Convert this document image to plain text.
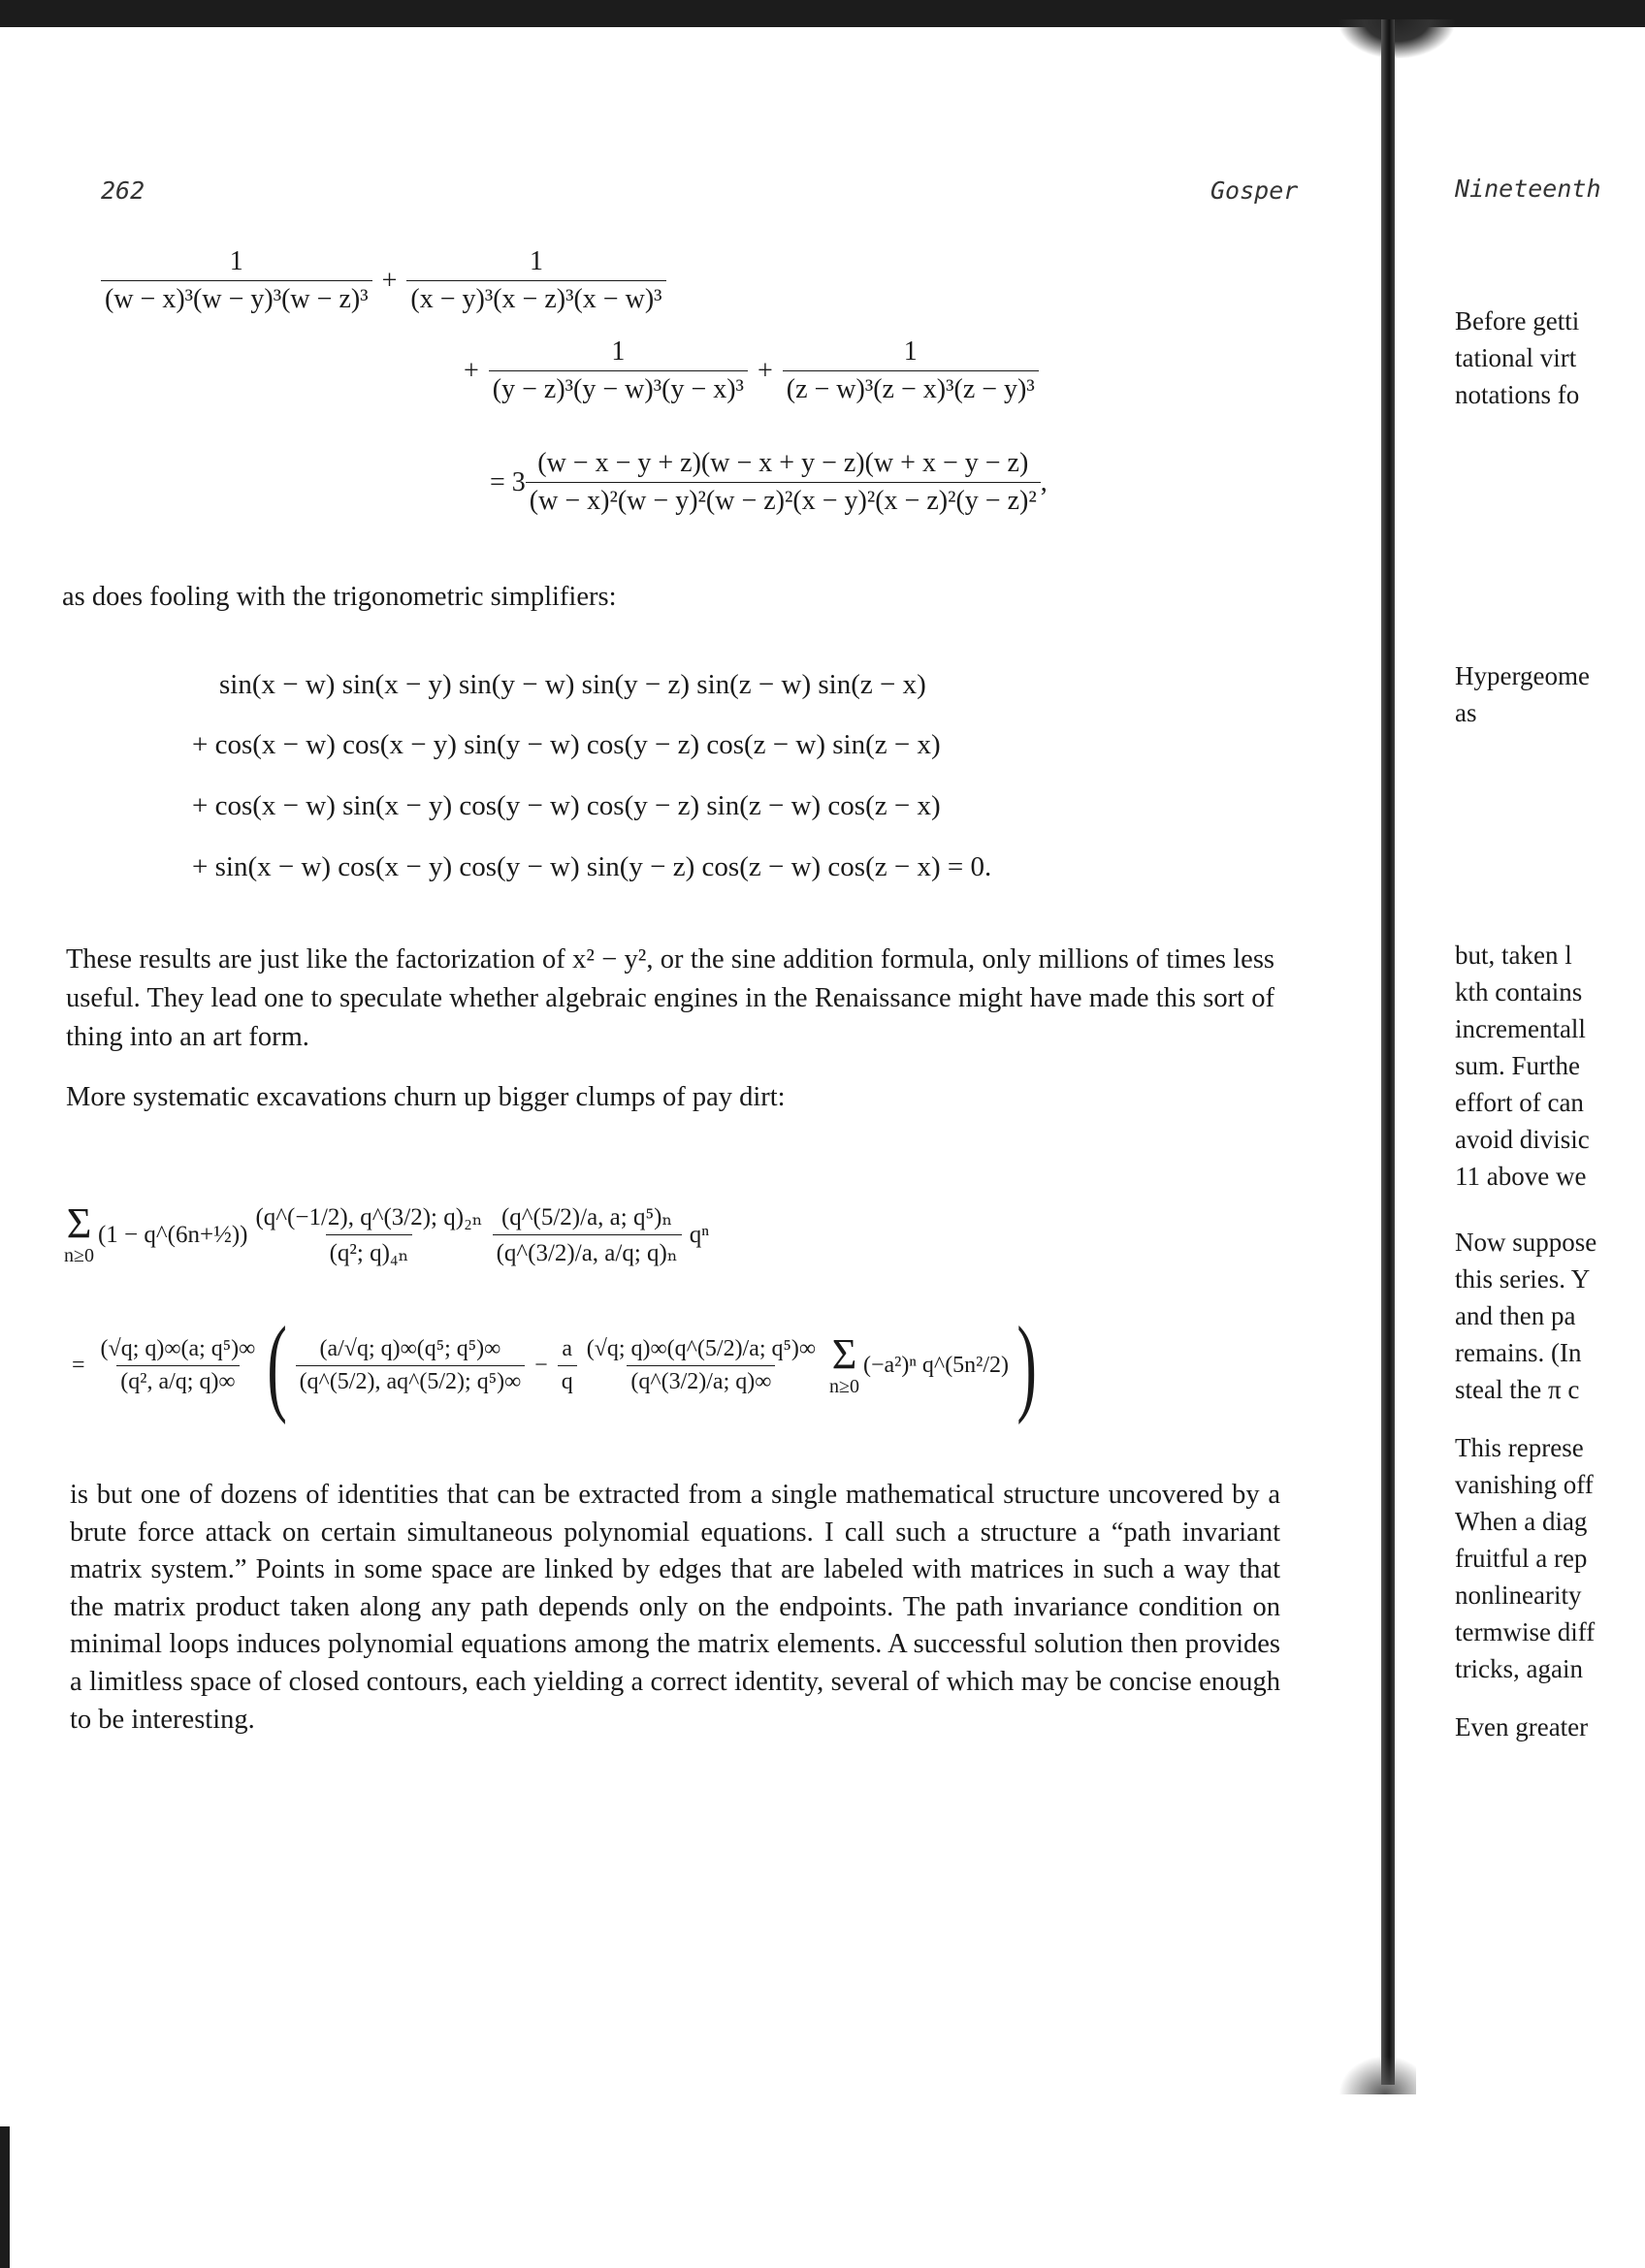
262	Gosper
$\frac{1}{\text{(w − x)³(w − y)³(w − z)³}} + \frac{1}{\text{(x − y)³(x − z)³(x − w)³}}$
+ $\frac{1}{\text{(y − z)³(y − w)³(y − x)³}} + \frac{1}{\text{(z − w)³(z − x)³(z − y)³}}$
= $3 \frac{(w - x - y + z)(w - x + y - z)(w + x - y - z)}{\text{(w − x)²(w − y)²(w − z)²(x − y)²(x − z)²(y − z)²}}$ ,

as does fooling with the trigonometric simplifiers:

sin(x − w) sin(x − y) sin(y − w) sin(y − z) sin(z − w) sin(z − x)
+ cos(x − w) cos(x − y) sin(y − w) cos(y − z) cos(z − w) sin(z − x)
+ cos(x − w) sin(x − y) cos(y − w) cos(y − z) sin(z − w) cos(z − x)
+ sin(x − w) cos(x − y) cos(y − w) sin(y − z) cos(z − w) cos(z − x) = 0.

These results are just like the factorization of x² − y², or the sine addition formula, only millions of times less useful. They lead one to speculate whether algebraic engines in the Renaissance might have made this sort of thing into an art form.

More systematic excavations churn up bigger clumps of pay dirt:

Σ
n≥0
(1 − q^(6n+½)) $\frac{\text{(q\textasciicircum{}(−1/2), q\textasciicircum{}(3/2); q)₂ₙ}}{\text{(q²; q)₄ₙ}} \frac{\text{(q\textasciicircum{}(5/2)/a, a; q⁵)ₙ}}{\text{(q\textasciicircum{}(3/2)/a, a/q; q)ₙ}}$ qⁿ
= $\frac{\text{(√q; q)∞(a; q⁵)∞}}{\text{(q², a/q; q)∞}}$ ( $\frac{\text{(a/√q; q)∞(q⁵; q⁵)∞}}{\text{(q\textasciicircum{}(5/2), aq\textasciicircum{}(5/2); q⁵)∞}} - \frac{a}{q} \frac{\text{(√q; q)∞(q\textasciicircum{}(5/2)/a; q⁵)∞}}{(q\^{}(3/2)/a; q)\infty}$ Σ
n≥0
(−a²)ⁿ q^(5n²/2) )

is but one of dozens of identities that can be extracted from a single mathematical structure uncovered by a brute force attack on certain simultaneous polynomial equations. I call such a structure a “path invariant matrix system.” Points in some space are linked by edges that are labeled with matrices in such a way that the matrix product taken along any path depends only on the endpoints. The path invariance condition on minimal loops induces polynomial equations among the matrix elements. A successful solution then provides a limitless space of closed contours, each yielding a correct identity, several of which may be concise enough to be interesting.

Nineteenth
Before getti
tational virt
notations fo
Hypergeome
as
but, taken l
kth contains
incrementall
sum. Furthe
effort of can
avoid divisic
11 above we
Now suppose
this series. Y
and then pa
remains. (In
steal the π c
This represe
vanishing off
When a diag
fruitful a rep
nonlinearity
termwise diff
tricks, again
Even greater
